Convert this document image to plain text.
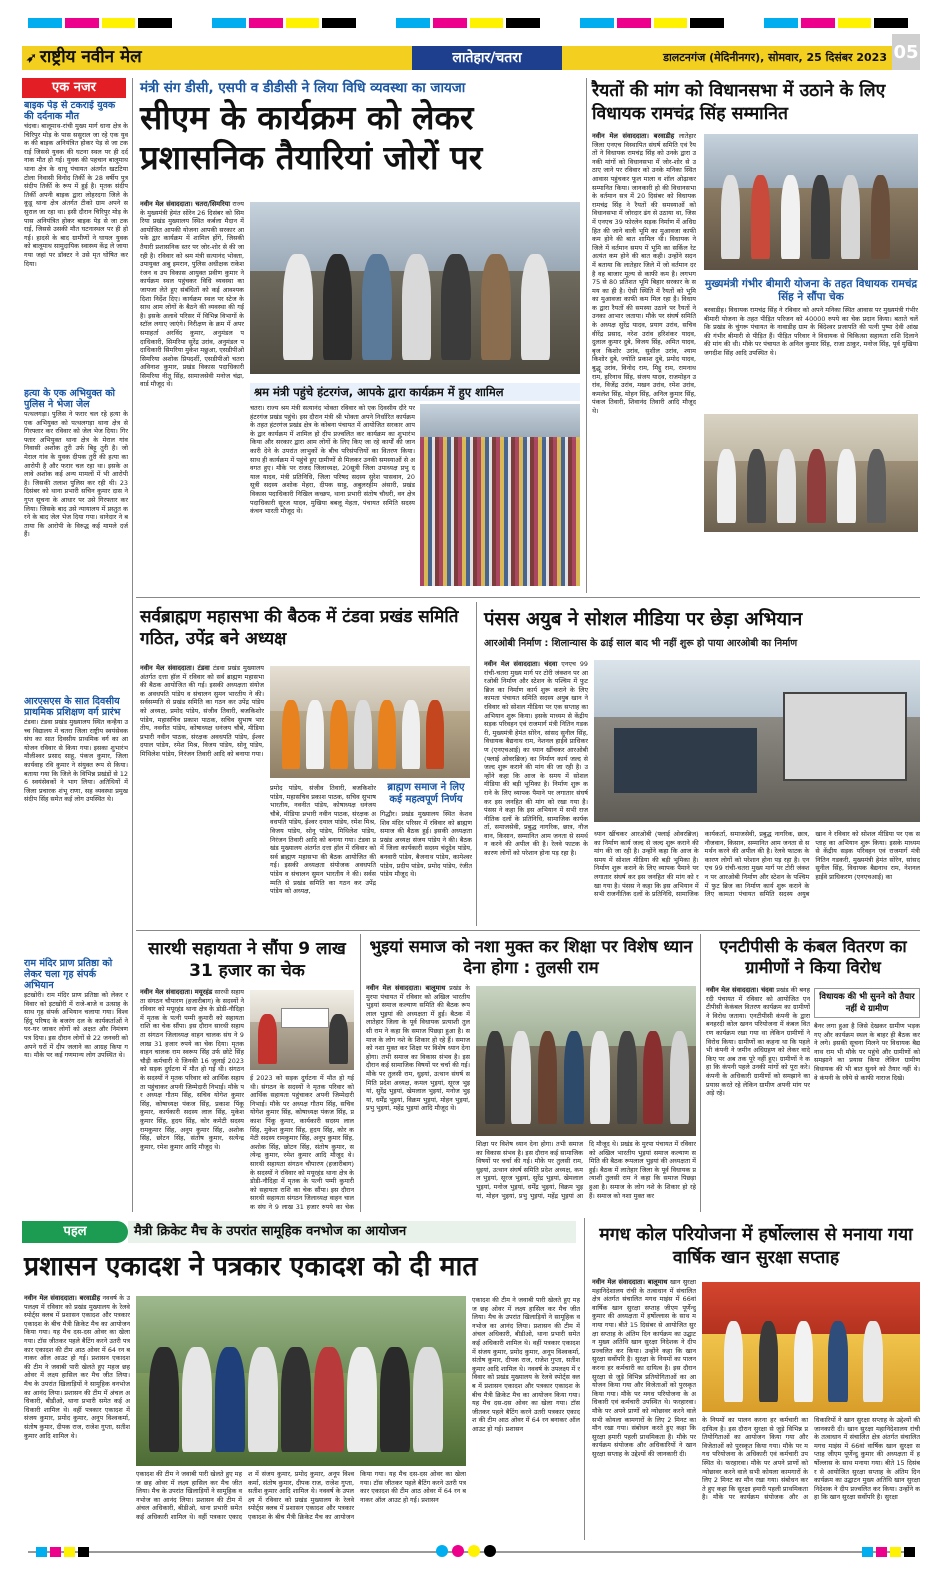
➶ राष्ट्रीय नवीन मेल	लातेहार/चतरा	डालटनगंज (मेदिनीनगर), सोमवार, 25 दिसंबर 2023 05
एक नजर
बाइक पेड़ से टकराई युवक की दर्दनाक मौत
चंदवा। बालूमाथ-रांची मुख्य मार्ग धाना क्षेत्र के चिरिपुर मोड़ के पास ससुराल जा रहे एक युवक की बाइक अनियंत्रित होकर पेड़ से जा टकराई जिससे युवक की घटना स्थल पर ही दर्दनाक मौत हो गई। युवक की पहचान बालूमाथ थाना क्षेत्र के धाधू पंचायत अंतर्गत खटटिया टोला निवासी विनोद तिर्की के 28 वर्षीय पुत्र संदीप तिर्की के रूप में हुई है। मृतक संदीप तिर्की अपनी बाइक द्वारा लोहरदगा जिले के कूडू थाना क्षेत्र अंतर्गत टीको ग्राम अपने ससुराल जा रहा था। इसी दौरान चिरिपुर मोड़ के पास अनियंत्रित होकर बाइक पेड़ से जा टकराई, जिससे उसकी मौत घटनास्थल पर ही हो गई। हादसे के बाद ग्रामीणों ने घायल युवक को बालूमाथ सामुदायिक स्वास्थ्य केंद्र ले जाया गया जहां पर डॉक्टर ने उसे मृत घोषित कर दिया।
हत्या के एक अभियुक्त को पुलिस ने भेजा जेल
पत्थलगड़ा। पुलिस ने फरार चल रहे हत्या के एक अभियुक्त को पत्थलगड़ा थाना क्षेत्र से गिरफ्तार कर रविवार को जेल भेज दिया। गिरफ्तार अभियुक्त थाना क्षेत्र के मेराल गांव निवासी अशोक तुरी उर्फ बिट्टू तुरी है। जो मेराल गांव के युवक दीपक तुरी की हत्या का आरोपी है और फरार चल रहा था। इसके अलावे अशोक कई अन्य मामलों में भी आरोपी है। जिसकी तलाश पुलिस कर रही थी। 23 दिसंबर को थाना प्रभारी सचिन कुमार दास ने गुप्त सूचना के आधार पर उसे गिरफ्तार कर लिया। जिसके बाद उसे न्यायालय में प्रस्तुत करने के बाद जेल भेज दिया गया। थानेदार ने बताया कि आरोपी के विरुद्ध कई मामले दर्ज हैं।
आरएसएस के सात दिवसीय प्राथमिक प्रशिक्षण वर्ग प्रारंभ
टंडवा। टंडवा प्रखंड मुख्यालय स्थित कन्हैया उच्च विद्यालय में चतरा जिला राष्ट्रीय स्वयंसेवक संघ का सात दिवसीय प्राथमिक वर्ग का आयोजन रविवार से किया गया। इसका शुभारंभ मौलीश्वर प्रसाद साहू, पंकज कुमार, जिला कार्यवाह रवि कुमार ने संयुक्त रूप से किया। बताया गया कि जिले के विभिन्न प्रखंडों से 126 स्वयंसेवकों ने भाग लिया। अतिथियों में जिला प्रचारक शंभू राणा, सह व्यवस्था प्रमुख संदीप सिंह समेत कई लोग उपस्थित थे।
राम मंदिर प्राण प्रतिष्ठा को लेकर चला गृह संपर्क अभियान
इटखोरी। राम मंदिर प्राण प्रतिष्ठा को लेकर रविवार को इटखोरी में राजे-बाजे व उत्साह के साथ गृह संपर्क अभियान चलाया गया। विश्व हिंदू परिषद के बजरंग दल के कार्यकर्ताओं ने घर-घर जाकर लोगों को अक्षत और निमंत्रण पत्र दिया। इस दौरान लोगों से 22 जनवरी को अपने घरों में दीप जलाने का आग्रह किया गया। मौके पर कई गणमान्य लोग उपस्थित थे।
मंत्री संग डीसी, एसपी व डीडीसी ने लिया विधि व्यवस्था का जायजा
सीएम के कार्यक्रम को लेकर प्रशासनिक तैयारियां जोरों पर
नवीन मेल संवाददाता। चतरा/सिमरिया राज्य के मुख्यमंत्री हेमंत सोरेन 26 दिसंबर को सिमरिया प्रखंड मुख्यालय स्थित कर्बला मैदान में आयोजित आपकी योजना आपकी सरकार आपके द्वार कार्यक्रम में शामिल होंगे, जिसकी तैयारी प्रशासनिक स्तर पर जोर-शोर से की जा रही है। रविवार को श्रम मंत्री सत्यानंद भोक्ता, उपायुक्त अबु इमरान, पुलिस अधीक्षक राकेश रंजन व उप विकास आयुक्त प्रवीण कुमार ने कार्यक्रम स्थल पहुंचकर विधि व्यवस्था का जायजा लेते हुए संबंधितों को कई आवश्यक दिशा निर्देश दिए। कार्यक्रम स्थल पर स्टेज के साथ आम लोगों के बैठने की व्यवस्था की गई है। इसके अलावे परिसर में विभिन्न विभागों के स्टॉल लगाए जाएंगे। निरीक्षण के क्रम में अपर समाहर्ता अरविंद कुमार, अनुमंडल पदाधिकारी, सिमरिया सुरेंद्र उरांव, अनुमंडल पदाधिकारी सिमरिया मुकेश मछुआ, एसडीपीओ सिमरिया अशोक प्रियदर्शी, एसडीपीओ चतरा अविनाश कुमार, प्रखंड विकास पदाधिकारी सिमरिया नीतू सिंह, सामाजसेवी मनोज चंद्रा, वार्ड मौजूद थे।
श्रम मंत्री पहुंचे हंटरगंज, आपके द्वारा कार्यक्रम में हुए शामिल
चतरा। राज्य श्रम मंत्री सत्यानंद भोक्ता रविवार को एक दिवसीय दौरे पर हंटरगंज प्रखंड पहुंचे। इस दौरान मंत्री श्री भोक्ता अपने निर्धारित कार्यक्रम के तहत हंटरगंज प्रखंड क्षेत्र के कोबना पंचायत में आयोजित सरकार आपके द्वार कार्यक्रम में शामिल हो दीप प्रज्वलित कर कार्यक्रम का शुभारंभ किया और सरकार द्वारा आम लोगों के लिए किए जा रहे कार्यों की जानकारी देने के उपरांत लाभुकों के बीच परिसंपत्तियों का वितरण किया। साथ ही कार्यक्रम में पहुंचे हुए ग्रामीणों से मिलकर उनकी समस्याओं से अवगत हुए। मौके पर राजद जिलाध्यक्ष, 20सूत्री जिला उपाध्यक्ष प्रभु दयाल यादव, मंत्री प्रतिनिधि, जिला परिषद सदस्य सुरेश पासवान, 20 सूत्री सदस्य अशोक मेहरा, दीपक साहु, अबुलरहीम अंसारी, प्रखंड विकास पदाधिकारी निखिल कच्छप, थाना प्रभारी संतोष चौधरी, वन क्षेत्र पदाधिकारी सूरज यादव, मुखिया बबलू मेहता, पंचायत समिति सदस्य कंचन भारती मौजूद थे।
रैयतों की मांग को विधानसभा में उठाने के लिए विधायक रामचंद्र सिंह सम्मानित
नवीन मेल संवाददाता। बरवाडीह लातेहार जिला एनएच विस्थापित संघर्ष समिति एवं रैयतों ने विधायक रामचंद्र सिंह को उनके द्वारा उनकी मांगों को विधानसभा में जोर-शोर से उठाए जाने पर रविवार को उनके मनिका स्थित आवास पहुंचकर फूल माला व शॉल ओढ़ाकर सम्मानित किया। जानकारी हो की विधानसभा के वर्तमान सत्र में 20 दिसंबर को विधायक रामचंद्र सिंह ने रैयतों की समस्याओं को विधानसभा में जोरदार ढंग से उठाया था, जिसमें एनएच 39 फोरलेन सड़क निर्माण में अधिग्रहित की जाने वाली भूमि का मुआवजा काफी कम होने की बात शामिल थी। विधायक ने जिले में वर्तमान समय में भूमि का सर्किल रेट अत्यंत कम होने की बात कही। उन्होंने सदन में बताया कि लातेहार जिले में जो वर्तमान दर है वह बाजार मूल्य से काफी कम है। लगभग 75 से 80 प्रतिशत भूमि बिहार सरकार के समय का ही है। ऐसी स्थिति में रैयतों को भूमि का मुआवजा काफी कम मिल रहा है। विधायक द्वारा रैयतों की समस्या उठाने पर रैयतों ने उनका आभार जताया। मौके पर संघर्ष समिति के अध्यक्ष सुरेंद्र यादव, प्रयाग उरांव, सचिव वीरेंद्र प्रसाद, नरेश उरांव हरिशंकर यादव, दुलाल कुमार दुबे, विजय सिंह, अमित यादव, बृज किशोर उरांव, सुशील उरांव, श्याम किशोर दुबे, ज्योति प्रकाश दुबे, प्रमोद यादव, बुद्धू उरांव, विनोद राम, मिट्ठू राम, रामनाथ राम, हरिनाथ सिंह, संजय यादव, राजमोहन उरांव, विजेंद्र उरांव, मखन उरांव, रमेश उरांव, कमलेश सिंह, मोहन सिंह, अनिल कुमार सिंह, पंकज तिवारी, शिवानंद तिवारी आदि मौजूद थे।
मुख्यमंत्री गंभीर बीमारी योजना के तहत विधायक रामचंद्र सिंह ने सौंपा चेक
बरवाडीह। विधायक रामचंद्र सिंह ने रविवार को अपने मनिका स्थित आवास पर मुख्यमंत्री गंभीर बीमारी योजना के तहत पीड़ित परिजन को 40000 रुपये का चेक प्रदान किया। बताते चलें कि प्रखंड के चुंगरू पंचायत के नावाडीह ग्राम के बिंदेश्वर प्रजापति की पत्नी पुष्पा देवी आंख की गंभीर बीमारी से पीड़ित हैं। पीड़ित परिवार ने विधायक से चिकित्सा सहायता राशि दिलाने की मांग की थी। मौके पर पंचायत के अनिल कुमार सिंह, राजा ठाकुर, मनोज सिंह, पूर्व मुखिया जगदीश सिंह आदि उपस्थित थे।
सर्वब्राह्मण महासभा की बैठक में टंडवा प्रखंड समिति गठित, उपेंद्र बने अध्यक्ष
नवीन मेल संवाददाता। टंडवा टंडवा प्रखंड मुख्यालय अंतर्गत दत्ता हॉल में रविवार को सर्व ब्राह्मण महासभा की बैठक आयोजित की गई। इसकी अध्यक्षता संयोजक अवधपति पांडेय व संचालन सुमन भारतीय ने की। सर्वसम्मति से प्रखंड समिति का गठन कर उपेंद्र पांडेय को अध्यक्ष, प्रमोद पांडेय, संजीव तिवारी, बजकिशोर पांडेय, महासचिव प्रकाश पाठक, सचिव सुभाष भारतीय, नवनीत पांडेय, कोषाध्यक्ष धनंजय चौबे, मीडिया प्रभारी नवीन पाठक, संरक्षक अवधपति पांडेय, ईश्वर दयाल पांडेय, रमेश मिश्र, विजय पांडेय, सोनू पांडेय, मिथिलेश पांडेय, निरंजन तिवारी आदि को बनाया गया।
प्रमोद पांडेय, संजीव तिवारी, बजकिशोर पांडेय, महासचिव प्रकाश पाठक, सचिव सुभाष भारतीय, नवनीत पांडेय, कोषाध्यक्ष धनंजय चौबे, मीडिया प्रभारी नवीन पाठक, संरक्षक अवधपति पांडेय, ईश्वर दयाल पांडेय, रमेश मिश्र, विजय पांडेय, सोनू पांडेय, मिथिलेश पांडेय, निरंजन तिवारी आदि को बनाया गया। टंडवा प्रखंड मुख्यालय अंतर्गत दत्ता हॉल में रविवार को सर्व ब्राह्मण महासभा की बैठक आयोजित की गई। इसकी अध्यक्षता संयोजक अवधपति पांडेय व संचालन सुमन भारतीय ने की। सर्वसम्मति से प्रखंड समिति का गठन कर उपेंद्र पांडेय को अध्यक्ष,
ब्राह्मण समाज ने लिए कई महत्वपूर्ण निर्णय
गिद्धौर। प्रखंड मुख्यालय स्थित केशव शिव मंदिर परिसर में रविवार को ब्राह्मण समाज की बैठक हुई। इसकी अध्यक्षता प्रखंड अध्यक्ष संजय पांडेय ने की। बैठक में जिला कार्यकारी सदस्य चंदूदेव पांडेय, बनवारी पांडेय, बैजनाथ पांडेय, कामेश्वर पांडेय, प्रदीप पांडेय, प्रमोद पांडेय, रंजीत पांडेय मौजूद थे।
पंसस अयुब ने सोशल मीडिया पर छेड़ा अभियान
आरओबी निर्माण : शिलान्यास के ढाई साल बाद भी नहीं शुरू हो पाया आरओबी का निर्माण
नवीन मेल संवाददाता। चंदवा एनएच 99 रांची-चतरा मुख्य मार्ग पर टोरी जंक्शन पर आरओबी निर्माण और स्टेशन के पश्चिम में फुट ब्रिज का निर्माण कार्य शुरू कराने के लिए कामता पंचायत समिति सदस्य अयुब खान ने रविवार को सोशल मीडिया पर एक सप्ताह का अभियान शुरू किया। इसके माध्यम से केंद्रीय सड़क परिवहन एवं राजमार्ग मंत्री नितिन गडकरी, मुख्यमंत्री हेमंत सोरेन, सांसद सुनील सिंह, विधायक बैद्यनाथ राम, नेशनल हाईवे प्राधिकरण (एनएचआई) का ध्यान खींचकर आरओबी (फ्लाई ओवरब्रिज) का निर्माण कार्य जल्द से जल्द शुरू कराने की मांग की जा रही है। उन्होंने कहा कि आज के समय में सोशल मीडिया की बड़ी भूमिका है। निर्माण शुरू कराने के लिए व्यापक पैमाने पर लगातार संघर्ष कर इस जनहित की मांग को रखा गया है। पंसस ने कहा कि इस अभियान में सभी राजनीतिक दलों के प्रतिनिधि, सामाजिक कार्यकर्ता, समाजसेवी, प्रबुद्ध नागरिक, छात्र, नौजवान, किसान, सम्मानित आम जनता से समर्थन करने की अपील की है। रेलवे फाटक के कारण लोगों को परेशान होना पड़ रहा है।
ध्यान खींचकर आरओबी (फ्लाई ओवरब्रिज) का निर्माण कार्य जल्द से जल्द शुरू कराने की मांग की जा रही है। उन्होंने कहा कि आज के समय में सोशल मीडिया की बड़ी भूमिका है। निर्माण शुरू कराने के लिए व्यापक पैमाने पर लगातार संघर्ष कर इस जनहित की मांग को रखा गया है। पंसस ने कहा कि इस अभियान में सभी राजनीतिक दलों के प्रतिनिधि, सामाजिक कार्यकर्ता, समाजसेवी, प्रबुद्ध नागरिक, छात्र, नौजवान, किसान, सम्मानित आम जनता से समर्थन करने की अपील की है। रेलवे फाटक के कारण लोगों को परेशान होना पड़ रहा है। एनएच 99 रांची-चतरा मुख्य मार्ग पर टोरी जंक्शन पर आरओबी निर्माण और स्टेशन के पश्चिम में फुट ब्रिज का निर्माण कार्य शुरू कराने के लिए कामता पंचायत समिति सदस्य अयुब खान ने रविवार को सोशल मीडिया पर एक सप्ताह का अभियान शुरू किया। इसके माध्यम से केंद्रीय सड़क परिवहन एवं राजमार्ग मंत्री नितिन गडकरी, मुख्यमंत्री हेमंत सोरेन, सांसद सुनील सिंह, विधायक बैद्यनाथ राम, नेशनल हाईवे प्राधिकरण (एनएचआई) का
सारथी सहायता ने सौंपा 9 लाख 31 हजार का चेक
नवीन मेल संवाददाता। मयूरहंड सारथी सहायता संगठन चौपारण (हजारीबाग) के सदस्यों ने रविवार को मयूरहंड थाना क्षेत्र के डोडी-नौदिहा में मृतक के पत्नी पम्मी कुमारी को सहायता राशि का चेक सौंपा। इस दौरान सारथी सहायता संगठन जिलाध्यक्ष वाहन चालक संघ ने 9 लाख 31 हजार रुपये का चेक दिया। मृतक वाहन चालक राम स्वरूप सिंह उर्फ छोटे सिंह चौड़ी कर्मचारी थे जिनकी 16 जुलाई 2023 को सड़क दुर्घटना में मौत हो गई थी। संगठन के सदस्यों ने मृतक परिवार को आर्थिक सहायता पहुंचाकर अपनी जिम्मेदारी निभाई। मौके पर अध्यक्ष गौतम सिंह, सचिव योगेश कुमार सिंह, कोषाध्यक्ष पंकज सिंह, प्रकाश पिंकू कुमार, कार्यकारी सदस्य लाल सिंह, मुकेश कुमार सिंह, हृदय सिंह, कोर कमेटी सदस्य रामकुमार सिंह, अनूप कुमार सिंह, अशोक सिंह, छोटन सिंह, संतोष कुमार, सत्येन्द्र कुमार, रमेश कुमार आदि मौजूद थे।
ई 2023 को सड़क दुर्घटना में मौत हो गई थी। संगठन के सदस्यों ने मृतक परिवार को आर्थिक सहायता पहुंचाकर अपनी जिम्मेदारी निभाई। मौके पर अध्यक्ष गौतम सिंह, सचिव योगेश कुमार सिंह, कोषाध्यक्ष पंकज सिंह, प्रकाश पिंकू कुमार, कार्यकारी सदस्य लाल सिंह, मुकेश कुमार सिंह, हृदय सिंह, कोर कमेटी सदस्य रामकुमार सिंह, अनूप कुमार सिंह, अशोक सिंह, छोटन सिंह, संतोष कुमार, सत्येन्द्र कुमार, रमेश कुमार आदि मौजूद थे। सारथी सहायता संगठन चौपारण (हजारीबाग) के सदस्यों ने रविवार को मयूरहंड थाना क्षेत्र के डोडी-नौदिहा में मृतक के पत्नी पम्मी कुमारी को सहायता राशि का चेक सौंपा। इस दौरान सारथी सहायता संगठन जिलाध्यक्ष वाहन चालक संघ ने 9 लाख 31 हजार रुपये का चेक
भुइयां समाज को नशा मुक्त कर शिक्षा पर विशेष ध्यान देना होगा : तुलसी राम
नवीन मेल संवाददाता। बालूमाथ प्रखंड के मुरपा पंचायत में रविवार को अखिल भारतीय भुइयां समाज कल्याण समिति की बैठक रूपलाल भुइयां की अध्यक्षता में हुई। बैठक में लातेहार जिला के पूर्व विधायक प्रत्याशी तुलसी राम ने कहा कि समाज पिछड़ा हुआ है। समाज के लोग नशे के शिकार हो रहे हैं। समाज को नशा मुक्त कर शिक्षा पर विशेष ध्यान देना होगा। तभी समाज का विकास संभव है। इस दौरान कई सामाजिक विषयों पर चर्चा की गई। मौके पर तुलसी राम, धुइयां, उत्थान संघर्ष समिति प्रदेश अध्यक्ष, कमल भुइयां, सूरज भुइयां, सुरेंद्र भुइयां, खेमलाल भुइयां, मनोज भुइयां, धर्मेंद्र भुइयां, विक्रम भुइयां, मोहन भुइयां, प्रभु भुइयां, महेंद्र भुइयां आदि मौजूद थे।
शिक्षा पर विशेष ध्यान देना होगा। तभी समाज का विकास संभव है। इस दौरान कई सामाजिक विषयों पर चर्चा की गई। मौके पर तुलसी राम, धुइयां, उत्थान संघर्ष समिति प्रदेश अध्यक्ष, कमल भुइयां, सूरज भुइयां, सुरेंद्र भुइयां, खेमलाल भुइयां, मनोज भुइयां, धर्मेंद्र भुइयां, विक्रम भुइयां, मोहन भुइयां, प्रभु भुइयां, महेंद्र भुइयां आदि मौजूद थे। प्रखंड के मुरपा पंचायत में रविवार को अखिल भारतीय भुइयां समाज कल्याण समिति की बैठक रूपलाल भुइयां की अध्यक्षता में हुई। बैठक में लातेहार जिला के पूर्व विधायक प्रत्याशी तुलसी राम ने कहा कि समाज पिछड़ा हुआ है। समाज के लोग नशे के शिकार हो रहे हैं। समाज को नशा मुक्त कर
एनटीपीसी के कंबल वितरण का ग्रामीणों ने किया विरोध
नवीन मेल संवाददाता। चंदवा प्रखंड की बनहरदी पंचायत में रविवार को आयोजित एनटीपीसी केकंबल वितरण कार्यक्रम का ग्रामीणों ने विरोध जताया। एनटीपीसी कंपनी के द्वारा बनहरदी कोल खनन परियोजना में कंबल वितरण कार्यक्रम रखा गया था लेकिन ग्रामीणों ने विरोध किया। ग्रामीणों का कहना था कि पहले भी कंपनी ने जमीन अधिग्रहण को लेकर वादे किए पर अब तक पूरे नहीं हुए। ग्रामीणों ने कहा कि कंपनी पहले उनकी मांगों को पूरा करे। कंपनी के अधिकारी ग्रामीणों को समझाने का प्रयास करते रहे लेकिन ग्रामीण अपनी मांग पर अड़े रहे।
विधायक की भी सुनने को तैयार नहीं थे ग्रामीण
बैनर लगा हुआ है जिसे देखकर ग्रामीण भड़क गए और कार्यक्रम स्थल के बाहर ही बैठक करने लगे। इसकी सूचना मिलने पर विधायक बैद्यनाथ राम भी मौके पर पहुंचे और ग्रामीणों को समझाने का प्रयास किया लेकिन ग्रामीण विधायक की भी बात सुनने को तैयार नहीं थे। वे कंपनी के रवैये से काफी नाराज दिखे।
पहल	मैत्री क्रिकेट मैच के उपरांत सामूहिक वनभोज का आयोजन
प्रशासन एकादश ने पत्रकार एकादश को दी मात
नवीन मेल संवाददाता। बरवाडीह नववर्ष के उपलक्ष्य में रविवार को प्रखंड मुख्यालय के रेलवे स्पोर्ट्स क्लब में प्रशासन एकादश और पत्रकार एकादश के बीच मैत्री क्रिकेट मैच का आयोजन किया गया। यह मैच दस-दस ओवर का खेला गया। टॉस जीतकर पहले बैटिंग करने उतरी पत्रकार एकादश की टीम आठ ओवर में 64 रन बनाकर ऑल आउट हो गई। प्रशासन एकादश की टीम ने जवाबी पारी खेलते हुए महज छह ओवर में लक्ष्य हासिल कर मैच जीत लिया। मैच के उपरांत खिलाड़ियों ने सामूहिक वनभोज का आनंद लिया। प्रशासन की टीम में अंचल अधिकारी, बीडीओ, थाना प्रभारी समेत कई अधिकारी शामिल थे। वहीं पत्रकार एकादश में संजय कुमार, प्रमोद कुमार, अनूप विश्वकर्मा, संतोष कुमार, दीपक राज, राजेश गुप्ता, सतीश कुमार आदि शामिल थे।
एकादश की टीम ने जवाबी पारी खेलते हुए महज छह ओवर में लक्ष्य हासिल कर मैच जीत लिया। मैच के उपरांत खिलाड़ियों ने सामूहिक वनभोज का आनंद लिया। प्रशासन की टीम में अंचल अधिकारी, बीडीओ, थाना प्रभारी समेत कई अधिकारी शामिल थे। वहीं पत्रकार एकादश में संजय कुमार, प्रमोद कुमार, अनूप विश्वकर्मा, संतोष कुमार, दीपक राज, राजेश गुप्ता, सतीश कुमार आदि शामिल थे। नववर्ष के उपलक्ष्य में रविवार को प्रखंड मुख्यालय के रेलवे स्पोर्ट्स क्लब में प्रशासन एकादश और पत्रकार एकादश के बीच मैत्री क्रिकेट मैच का आयोजन किया गया। यह मैच दस-दस ओवर का खेला गया। टॉस जीतकर पहले बैटिंग करने उतरी पत्रकार एकादश की टीम आठ ओवर में 64 रन बनाकर ऑल आउट हो गई। प्रशासन
एकादश की टीम ने जवाबी पारी खेलते हुए महज छह ओवर में लक्ष्य हासिल कर मैच जीत लिया। मैच के उपरांत खिलाड़ियों ने सामूहिक वनभोज का आनंद लिया। प्रशासन की टीम में अंचल अधिकारी, बीडीओ, थाना प्रभारी समेत कई अधिकारी शामिल थे। वहीं पत्रकार एकादश में संजय कुमार, प्रमोद कुमार, अनूप विश्वकर्मा, संतोष कुमार, दीपक राज, राजेश गुप्ता, सतीश कुमार आदि शामिल थे। नववर्ष के उपलक्ष्य में रविवार को प्रखंड मुख्यालय के रेलवे स्पोर्ट्स क्लब में प्रशासन एकादश और पत्रकार एकादश के बीच मैत्री क्रिकेट मैच का आयोजन किया गया। यह मैच दस-दस ओवर का खेला गया। टॉस जीतकर पहले बैटिंग करने उतरी पत्रकार एकादश की टीम आठ ओवर में 64 रन बनाकर ऑल आउट हो गई। प्रशासन
मगध कोल परियोजना में हर्षोल्लास से मनाया गया वार्षिक खान सुरक्षा सप्ताह
नवीन मेल संवाददाता। बालूमाथ खान सुरक्षा महानिदेशालय रांची के तत्वाधान में संचालित क्षेत्र अंतर्गत संचालित मगध माइंस में 66वां वार्षिक खान सुरक्षा सप्ताह जीएम पूर्णेन्दु कुमार की अध्यक्षता में हर्षोल्लास के साथ मनाया गया। बीते 15 दिसंबर से आयोजित सुरक्षा सप्ताह के अंतिम दिन कार्यक्रम का उद्घाटन मुख्य अतिथि खान सुरक्षा निदेशक ने दीप प्रज्वलित कर किया। उन्होंने कहा कि खान सुरक्षा सर्वोपरि है। सुरक्षा के नियमों का पालन करना हर कर्मचारी का दायित्व है। इस दौरान सुरक्षा से जुड़े विभिन्न प्रतियोगिताओं का आयोजन किया गया और विजेताओं को पुरस्कृत किया गया। मौके पर मगध परियोजना के अधिकारी एवं कर्मचारी उपस्थित थे। फरहारवा। मौके पर अपने प्राणों को न्योछावर करने वाले सभी कोयला कामगारों के लिए 2 मिनट का मौन रखा गया। संबोधन करते हुए कहा कि सुरक्षा हमारी पहली प्राथमिकता है। मौके पर कार्यक्रम संयोजक और अधिकारियों ने खान सुरक्षा सप्ताह के उद्देश्यों की जानकारी दी।
के नियमों का पालन करना हर कर्मचारी का दायित्व है। इस दौरान सुरक्षा से जुड़े विभिन्न प्रतियोगिताओं का आयोजन किया गया और विजेताओं को पुरस्कृत किया गया। मौके पर मगध परियोजना के अधिकारी एवं कर्मचारी उपस्थित थे। फरहारवा। मौके पर अपने प्राणों को न्योछावर करने वाले सभी कोयला कामगारों के लिए 2 मिनट का मौन रखा गया। संबोधन करते हुए कहा कि सुरक्षा हमारी पहली प्राथमिकता है। मौके पर कार्यक्रम संयोजक और अधिकारियों ने खान सुरक्षा सप्ताह के उद्देश्यों की जानकारी दी। खान सुरक्षा महानिदेशालय रांची के तत्वाधान में संचालित क्षेत्र अंतर्गत संचालित मगध माइंस में 66वां वार्षिक खान सुरक्षा सप्ताह जीएम पूर्णेन्दु कुमार की अध्यक्षता में हर्षोल्लास के साथ मनाया गया। बीते 15 दिसंबर से आयोजित सुरक्षा सप्ताह के अंतिम दिन कार्यक्रम का उद्घाटन मुख्य अतिथि खान सुरक्षा निदेशक ने दीप प्रज्वलित कर किया। उन्होंने कहा कि खान सुरक्षा सर्वोपरि है। सुरक्षा
